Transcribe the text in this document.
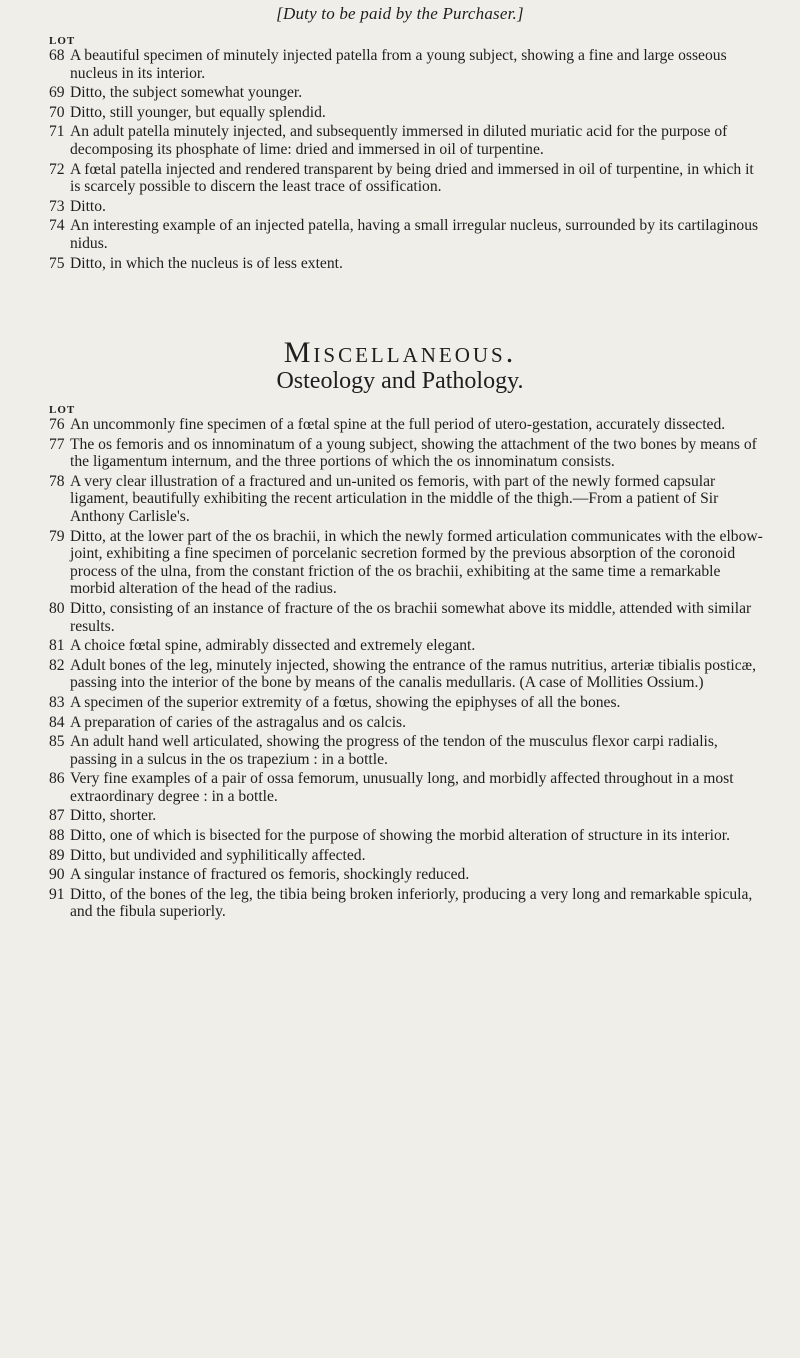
[Duty to be paid by the Purchaser.]
LOT
68 A beautiful specimen of minutely injected patella from a young subject, showing a fine and large osseous nucleus in its interior.
69 Ditto, the subject somewhat younger.
70 Ditto, still younger, but equally splendid.
71 An adult patella minutely injected, and subsequently immersed in diluted muriatic acid for the purpose of decomposing its phosphate of lime: dried and immersed in oil of turpentine.
72 A fœtal patella injected and rendered transparent by being dried and immersed in oil of turpentine, in which it is scarcely possible to discern the least trace of ossification.
73 Ditto.
74 An interesting example of an injected patella, having a small irregular nucleus, surrounded by its cartilaginous nidus.
75 Ditto, in which the nucleus is of less extent.
Miscellaneous.
Osteology and Pathology.
LOT
76 An uncommonly fine specimen of a fœtal spine at the full period of utero-gestation, accurately dissected.
77 The os femoris and os innominatum of a young subject, showing the attachment of the two bones by means of the ligamentum internum, and the three portions of which the os innominatum consists.
78 A very clear illustration of a fractured and un-united os femoris, with part of the newly formed capsular ligament, beautifully exhibiting the recent articulation in the middle of the thigh.—From a patient of Sir Anthony Carlisle's.
79 Ditto, at the lower part of the os brachii, in which the newly formed articulation communicates with the elbow-joint, exhibiting a fine specimen of porcelanic secretion formed by the previous absorption of the coronoid process of the ulna, from the constant friction of the os brachii, exhibiting at the same time a remarkable morbid alteration of the head of the radius.
80 Ditto, consisting of an instance of fracture of the os brachii somewhat above its middle, attended with similar results.
81 A choice fœtal spine, admirably dissected and extremely elegant.
82 Adult bones of the leg, minutely injected, showing the entrance of the ramus nutritius, arteriæ tibialis posticæ, passing into the interior of the bone by means of the canalis medullaris. (A case of Mollities Ossium.)
83 A specimen of the superior extremity of a fœtus, showing the epiphyses of all the bones.
84 A preparation of caries of the astragalus and os calcis.
85 An adult hand well articulated, showing the progress of the tendon of the musculus flexor carpi radialis, passing in a sulcus in the os trapezium : in a bottle.
86 Very fine examples of a pair of ossa femorum, unusually long, and morbidly affected throughout in a most extraordinary degree : in a bottle.
87 Ditto, shorter.
88 Ditto, one of which is bisected for the purpose of showing the morbid alteration of structure in its interior.
89 Ditto, but undivided and syphilitically affected.
90 A singular instance of fractured os femoris, shockingly reduced.
91 Ditto, of the bones of the leg, the tibia being broken inferiorly, producing a very long and remarkable spicula, and the fibula superiorly.
